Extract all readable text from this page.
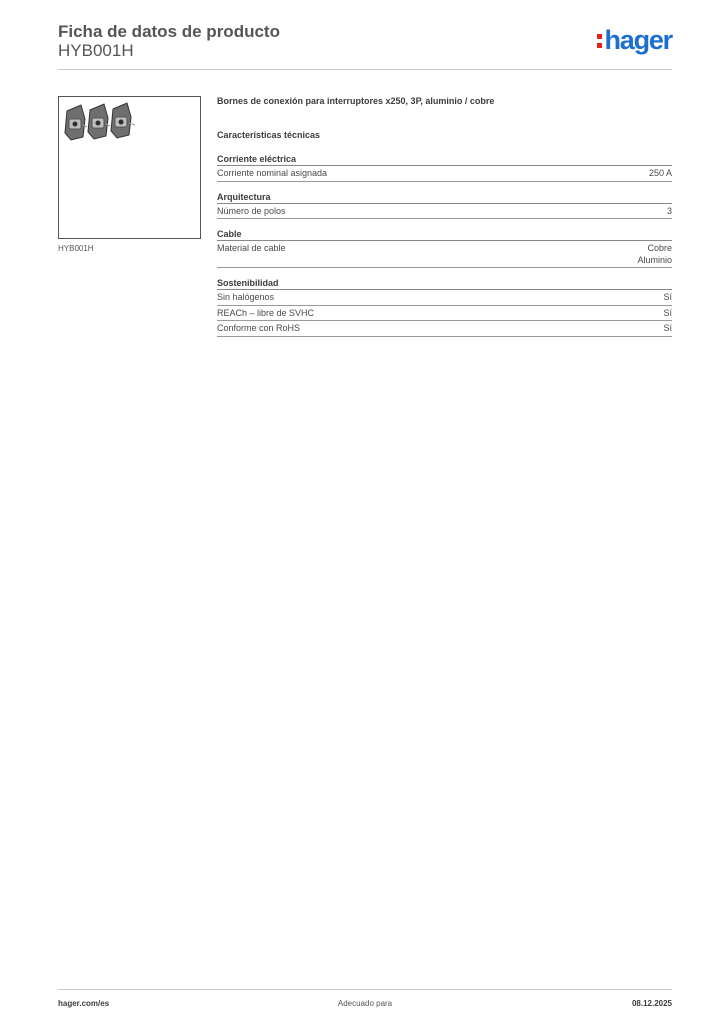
Ficha de datos de producto
HYB001H	hager
HYB001H
Bornes de conexión para interruptores x250, 3P, aluminio / cobre
Características técnicas
Corriente eléctrica
Corriente nominal asignada	250 A
Arquitectura
Número de polos	3
Cable
Material de cable	Cobre
Aluminio
Sostenibilidad
Sin halógenos	Sí
REACh – libre de SVHC	Sí
Conforme con RoHS	Sí
hager.com/es	Adecuado para	08.12.2025
